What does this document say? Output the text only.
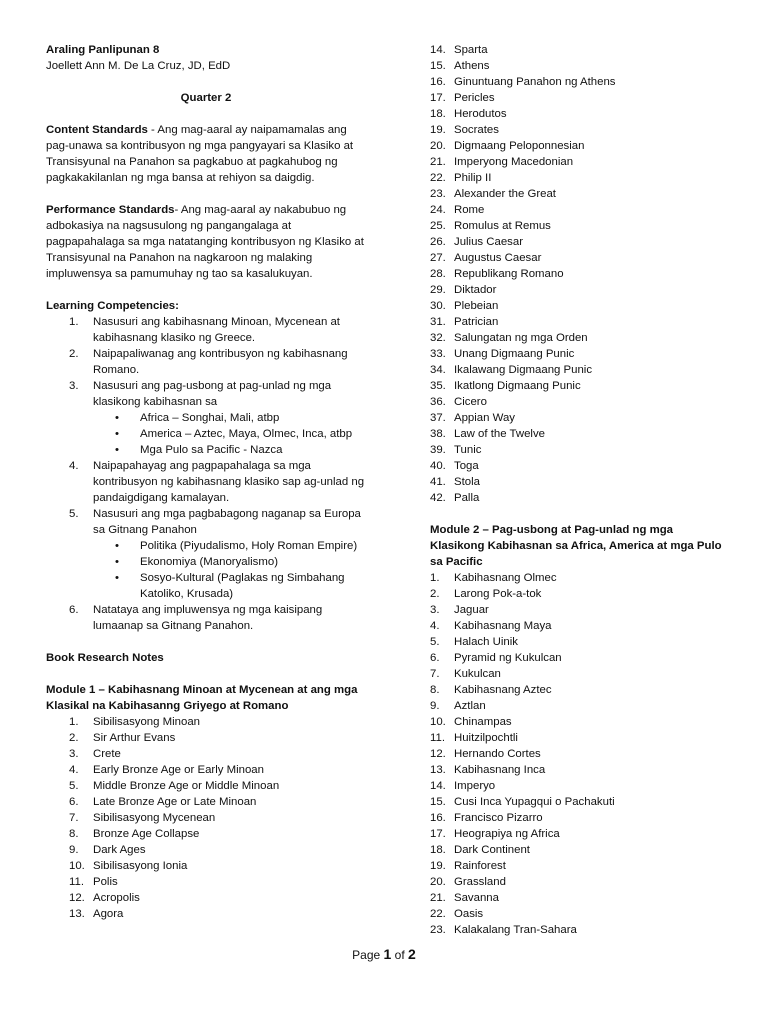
Araling Panlipunan 8

Joellett Ann M. De La Cruz, JD, EdD

Quarter 2

Content Standards - Ang mag-aaral ay naipamamalas ang pag-unawa sa kontribusyon ng mga pangyayari sa Klasiko at Transisyunal na Panahon sa pagkabuo at pagkahubog ng pagkakakilanlan ng mga bansa at rehiyon sa daigdig.

Performance Standards- Ang mag-aaral ay nakabubuo ng adbokasiya na nagsusulong ng pangangalaga at pagpapahalaga sa mga natatanging kontribusyon ng Klasiko at Transisyunal na Panahon na nagkaroon ng malaking impluwensya sa pamumuhay ng tao sa kasalukuyan.

Learning Competencies:

1. Nasusuri ang kabihasnang Minoan, Mycenean at kabihasnang klasiko ng Greece.
2. Naipapaliwanag ang kontribusyon ng kabihasnang Romano.
3. Nasusuri ang pag-usbong at pag-unlad ng mga klasikong kabihasnan sa
• Africa – Songhai, Mali, atbp
• America – Aztec, Maya, Olmec, Inca, atbp
• Mga Pulo sa Pacific - Nazca
4. Naipapahayag ang pagpapahalaga sa mga kontribusyon ng kabihasnang klasiko sap ag-unlad ng pandaigdigang kamalayan.
5. Nasusuri ang mga pagbabagong naganap sa Europa sa Gitnang Panahon
• Politika (Piyudalismo, Holy Roman Empire)
• Ekonomiya (Manoryalismo)
• Sosyo-Kultural (Paglakas ng Simbahang Katoliko, Krusada)
6. Natataya ang impluwensya ng mga kaisipang lumaanap sa Gitnang Panahon.

Book Research Notes

Module 1 – Kabihasnang Minoan at Mycenean at ang mga Klasikal na Kabihasanng Griyego at Romano

1. Sibilisasyong Minoan
2. Sir Arthur Evans
3. Crete
4. Early Bronze Age or Early Minoan
5. Middle Bronze Age or Middle Minoan
6. Late Bronze Age or Late Minoan
7. Sibilisasyong Mycenean
8. Bronze Age Collapse
9. Dark Ages
10. Sibilisasyong Ionia
11. Polis
12. Acropolis
13. Agora
14. Sparta
15. Athens
16. Ginuntuang Panahon ng Athens
17. Pericles
18. Herodutos
19. Socrates
20. Digmaang Peloponnesian
21. Imperyong Macedonian
22. Philip II
23. Alexander the Great
24. Rome
25. Romulus at Remus
26. Julius Caesar
27. Augustus Caesar
28. Republikang Romano
29. Diktador
30. Plebeian
31. Patrician
32. Salungatan ng mga Orden
33. Unang Digmaang Punic
34. Ikalawang Digmaang Punic
35. Ikatlong Digmaang Punic
36. Cicero
37. Appian Way
38. Law of the Twelve
39. Tunic
40. Toga
41. Stola
42. Palla

Module 2 – Pag-usbong at Pag-unlad ng mga Klasikong Kabihasnan sa Africa, America at mga Pulo sa Pacific

1. Kabihasnang Olmec
2. Larong Pok-a-tok
3. Jaguar
4. Kabihasnang Maya
5. Halach Uinik
6. Pyramid ng Kukulcan
7. Kukulcan
8. Kabihasnang Aztec
9. Aztlan
10. Chinampas
11. Huitzilpochtli
12. Hernando Cortes
13. Kabihasnang Inca
14. Imperyo
15. Cusi Inca Yupagqui o Pachakuti
16. Francisco Pizarro
17. Heograpiya ng Africa
18. Dark Continent
19. Rainforest
20. Grassland
21. Savanna
22. Oasis
23. Kalakalang Tran-Sahara
Page 1 of 2
